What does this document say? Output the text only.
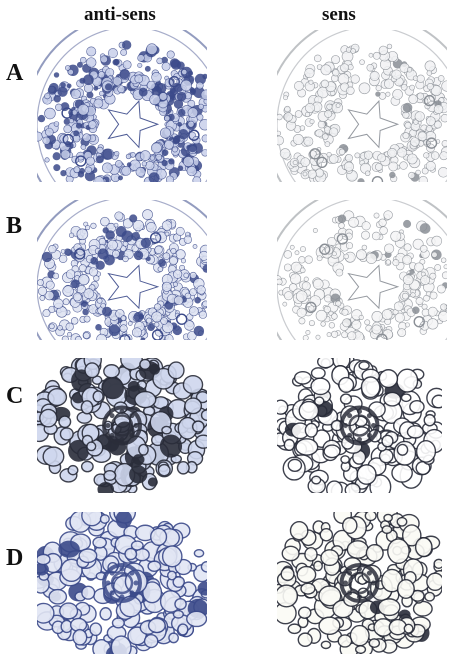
anti-sens	sens
A
B
C
D
